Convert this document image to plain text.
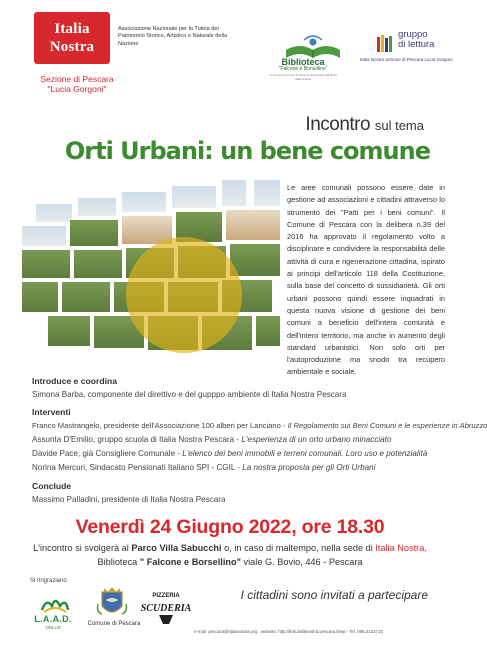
Italia
Nostra
Associazione Nazionale per la Tutela del Patrimonio Storico, Artistico e Naturale della Nazione
Sezione di Pescara
"Lucia Gorgoni"
Biblioteca
"Falcone e Borsellino"
in convenzione con il Comune di Pescara dal 2014 Italia Nostra
gruppo
di lettura
Italia Nostra sezione di Pescara Lucia Gorgoni
Incontro sul tema
Orti Urbani: un bene comune
Le aree comunali possono essere date in gestione ad associazioni e cittadini attraverso lo strumento dei "Patti per i beni comuni". Il Comune di Pescara con la delibera n.39 del 2016 ha approvato il regolamento volto a disciplinare e condividere la responsabilità delle attività di cura e rigenerazione cittadina, ispirato ai principi dell'articolo 118 della Costituzione, sulla base del concetto di sussidiarietà. Gli orti urbani possono quindi essere inquadrati in questa nuova visione di gestione dei beni comuni a beneficio dell'intera comunità e dell'intero territorio, ma anche in aumento degli standard urbanistici. Non solo orti per l'autoproduzione ma snodo tra recupero ambientale e sociale.
Introduce e coordina
Simona Barba, componente del direttivo e del gupppo ambiente di Italia Nostra Pescara
Interventi
Franco Mastrangelo, presidente dell'Associazione 100 alberi per Lanciano - Il Regolamento sui Beni Comuni e le esperienze in Abruzzo
Assunta D'Emilio, gruppo scuola di Italia Nostra Pescara - L'esperienza di un orto urbano minacciato
Davide Pace, già Consigliere Comunale - L'elenco dei beni immobili e terreni comunali. Loro uso e potenzialità
Norina Mercuri, Sindacato Pensionati Italiano SPI - CGIL - La nostra proposta per gli Orti Urbani
Conclude
Massimo Palladini, presidente di Italia Nostra Pescara
Venerdì 24 Giugno 2022, ore 18.30
L'incontro si svolgerà al Parco Villa Sabucchi o, in caso di maltempo, nella sede di Italia Nostra,
Biblioteca " Falcone e Borsellino" viale G. Bovio, 446 - Pescara
Si ringraziano
L.A.A.D.
ONLUS
Comune di Pescara
PIZZERIA
SCUDERIA
I cittadini sono invitati a partecipare
e-mail: pescara@italianostra.org , website: http://link.italianostra.pescara.it/wp - Tel. 085.2122710
